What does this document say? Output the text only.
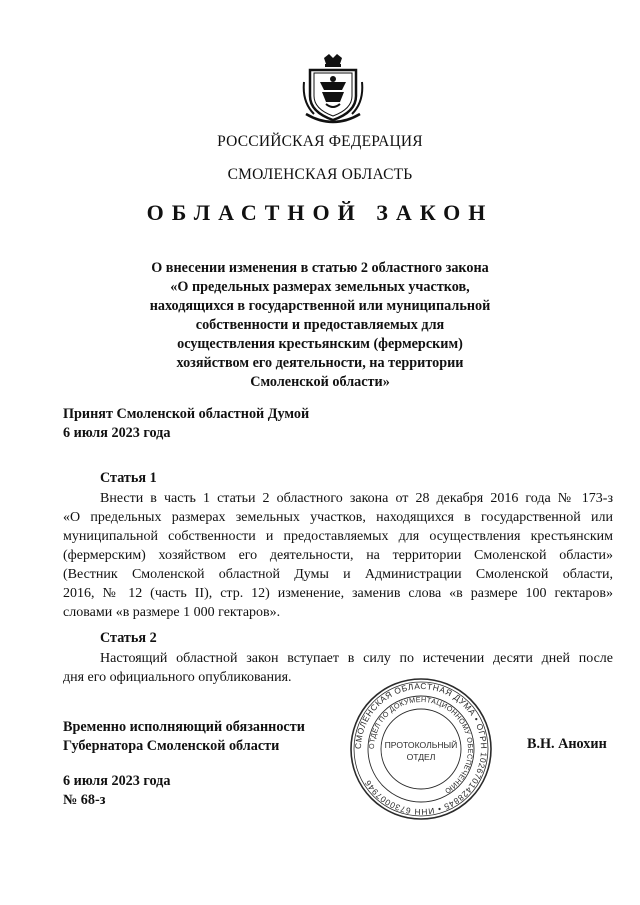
РОССИЙСКАЯ ФЕДЕРАЦИЯ
СМОЛЕНСКАЯ ОБЛАСТЬ
ОБЛАСТНОЙ ЗАКОН
О внесении изменения в статью 2 областного закона
«О предельных размерах земельных участков,
находящихся в государственной или муниципальной
собственности и предоставляемых для
осуществления крестьянским (фермерским)
хозяйством его деятельности, на территории
Смоленской области»
Принят Смоленской областной Думой
6 июля 2023 года
Статья 1
Внести в часть 1 статьи 2 областного закона от 28 декабря 2016 года № 173-з
«О предельных размерах земельных участков, находящихся в государственной или
муниципальной собственности и предоставляемых для осуществления крестьянским
(фермерским) хозяйством его деятельности, на территории Смоленской области»
(Вестник Смоленской областной Думы и Администрации Смоленской области,
2016, № 12 (часть II), стр. 12) изменение, заменив слова «в размере 100 гектаров»
словами «в размере 1 000 гектаров».
Статья 2
Настоящий областной закон вступает в силу по истечении десяти дней после
дня его официального опубликования.
Временно исполняющий обязанности
Губернатора Смоленской области	СМОЛЕНСКАЯ ОБЛАСТНАЯ ДУМА • ОГРН 1026701428845 • ИНН 6730007946
ОТДЕЛ ПО ДОКУМЕНТАЦИОННОМУ ОБЕСПЕЧЕНИЮ
ПРОТОКОЛЬНЫЙ
ОТДЕЛ
В.Н. Анохин
6 июля 2023 года
№ 68-з
